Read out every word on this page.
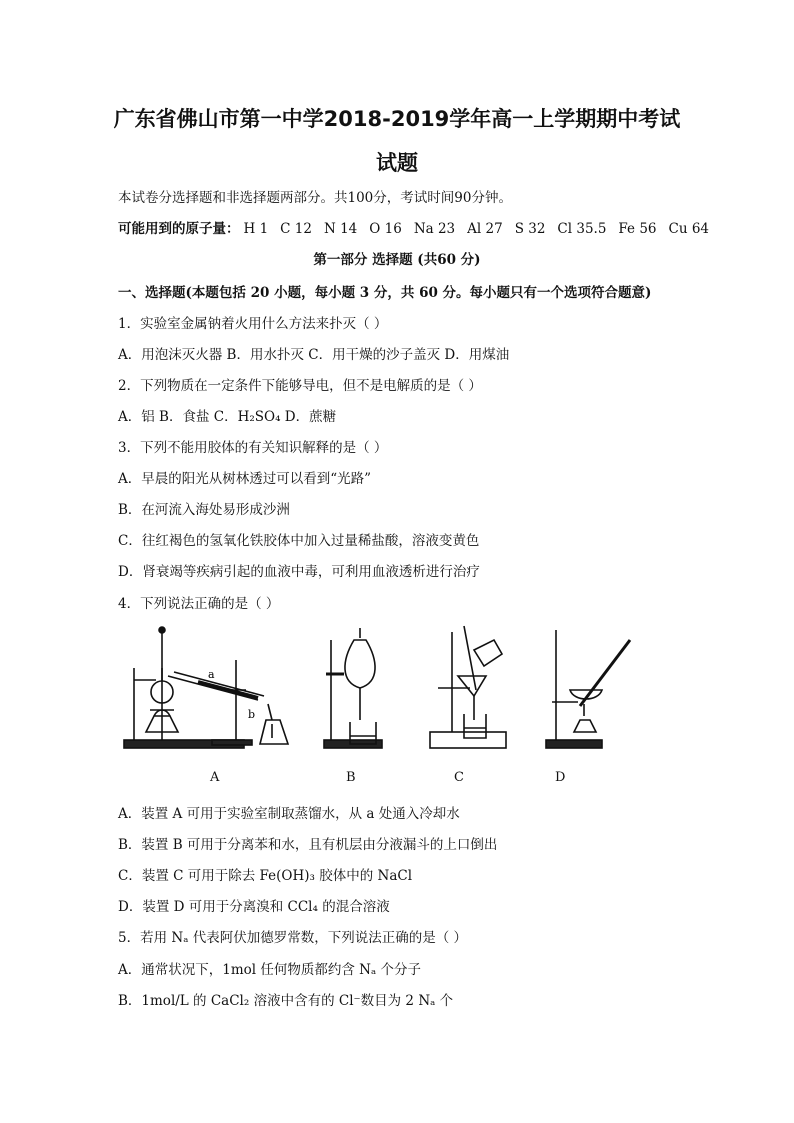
广东省佛山市第一中学2018-2019学年高一上学期期中考试
试题
本试卷分选择题和非选择题两部分。共100分，考试时间90分钟。
可能用到的原子量： H 1 C 12 N 14 O 16 Na 23 Al 27 S 32 Cl 35.5 Fe 56 Cu 64
第一部分 选择题 (共60 分)
一、选择题(本题包括 20 小题，每小题 3 分，共 60 分。每小题只有一个选项符合题意)
1．实验室金属钠着火用什么方法来扑灭（ ）
A．用泡沫灭火器 B．用水扑灭 C．用干燥的沙子盖灭 D．用煤油
2．下列物质在一定条件下能够导电，但不是电解质的是（ ）
A．铝 B．食盐 C．H₂SO₄ D．蔗糖
3．下列不能用胶体的有关知识解释的是（ ）
A．早晨的阳光从树林透过可以看到“光路”
B．在河流入海处易形成沙洲
C．往红褐色的氢氧化铁胶体中加入过量稀盐酸，溶液变黄色
D．肾衰竭等疾病引起的血液中毒，可利用血液透析进行治疗
4．下列说法正确的是（ ）
a
b
A	B	C	D
A．装置 A 可用于实验室制取蒸馏水，从 a 处通入冷却水
B．装置 B 可用于分离苯和水，且有机层由分液漏斗的上口倒出
C．装置 C 可用于除去 Fe(OH)₃ 胶体中的 NaCl
D．装置 D 可用于分离溴和 CCl₄ 的混合溶液
5．若用 Nₐ 代表阿伏加德罗常数，下列说法正确的是（ ）
A．通常状况下，1mol 任何物质都约含 Nₐ 个分子
B．1mol/L 的 CaCl₂ 溶液中含有的 Cl⁻数目为 2 Nₐ 个
